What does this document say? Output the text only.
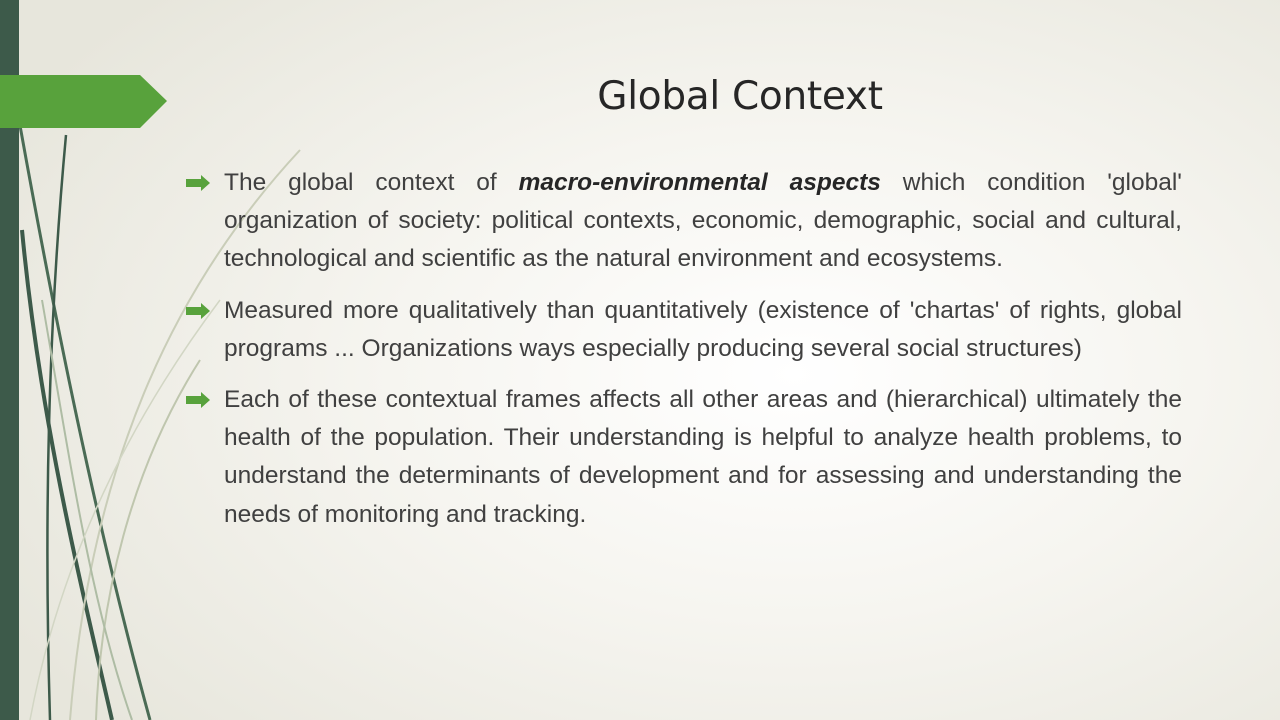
Global Context
The global context of macro-environmental aspects which condition 'global' organization of society: political contexts, economic, demographic, social and cultural, technological and scientific as the natural environment and ecosystems.
Measured more qualitatively than quantitatively (existence of 'chartas' of rights, global programs ... Organizations ways especially producing several social structures)
Each of these contextual frames affects all other areas and (hierarchical) ultimately the health of the population. Their understanding is helpful to analyze health problems, to understand the determinants of development and for assessing and understanding the needs of monitoring and tracking.
